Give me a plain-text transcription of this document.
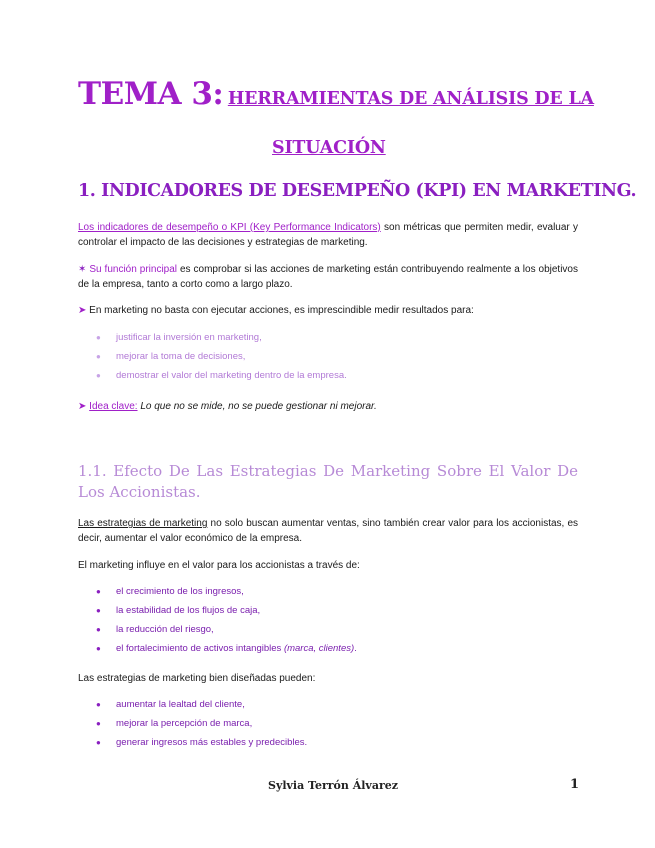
TEMA 3: HERRAMIENTAS DE ANÁLISIS DE LA
SITUACIÓN
1. INDICADORES DE DESEMPEÑO (KPI) EN MARKETING.
Los indicadores de desempeño o KPI (Key Performance Indicators) son métricas que permiten medir, evaluar y controlar el impacto de las decisiones y estrategias de marketing.
✶ Su función principal es comprobar si las acciones de marketing están contribuyendo realmente a los objetivos de la empresa, tanto a corto como a largo plazo.
➤ En marketing no basta con ejecutar acciones, es imprescindible medir resultados para:
● justificar la inversión en marketing,
● mejorar la toma de decisiones,
● demostrar el valor del marketing dentro de la empresa.
➤ Idea clave: Lo que no se mide, no se puede gestionar ni mejorar.
1.1. Efecto De Las Estrategias De Marketing Sobre El Valor De Los Accionistas.
Las estrategias de marketing no solo buscan aumentar ventas, sino también crear valor para los accionistas, es decir, aumentar el valor económico de la empresa.
El marketing influye en el valor para los accionistas a través de:
● el crecimiento de los ingresos,
● la estabilidad de los flujos de caja,
● la reducción del riesgo,
● el fortalecimiento de activos intangibles (marca, clientes).
Las estrategias de marketing bien diseñadas pueden:
● aumentar la lealtad del cliente,
● mejorar la percepción de marca,
● generar ingresos más estables y predecibles.
Sylvia Terrón Álvarez	1
